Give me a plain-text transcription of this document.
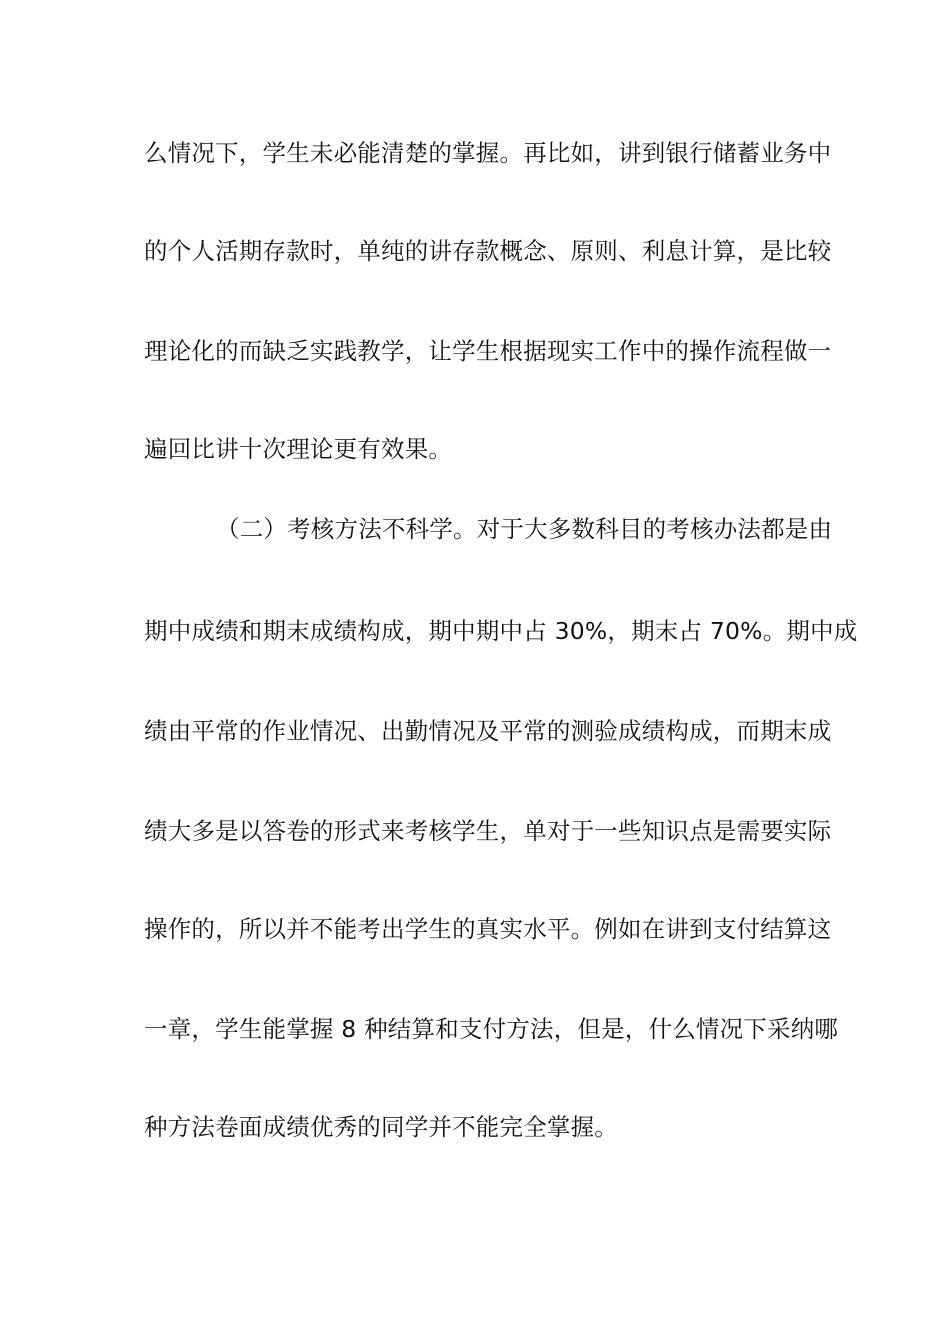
么情况下，学生未必能清楚的掌握。再比如，讲到银行储蓄业务中
的个人活期存款时，单纯的讲存款概念、原则、利息计算，是比较
理论化的而缺乏实践教学，让学生根据现实工作中的操作流程做一
遍回比讲十次理论更有效果。
（二）考核方法不科学。对于大多数科目的考核办法都是由
期中成绩和期末成绩构成，期中期中占 30%，期末占 70%。期中成
绩由平常的作业情况、出勤情况及平常的测验成绩构成，而期末成
绩大多是以答卷的形式来考核学生，单对于一些知识点是需要实际
操作的，所以并不能考出学生的真实水平。例如在讲到支付结算这
一章，学生能掌握 8 种结算和支付方法，但是，什么情况下采纳哪
种方法卷面成绩优秀的同学并不能完全掌握。
